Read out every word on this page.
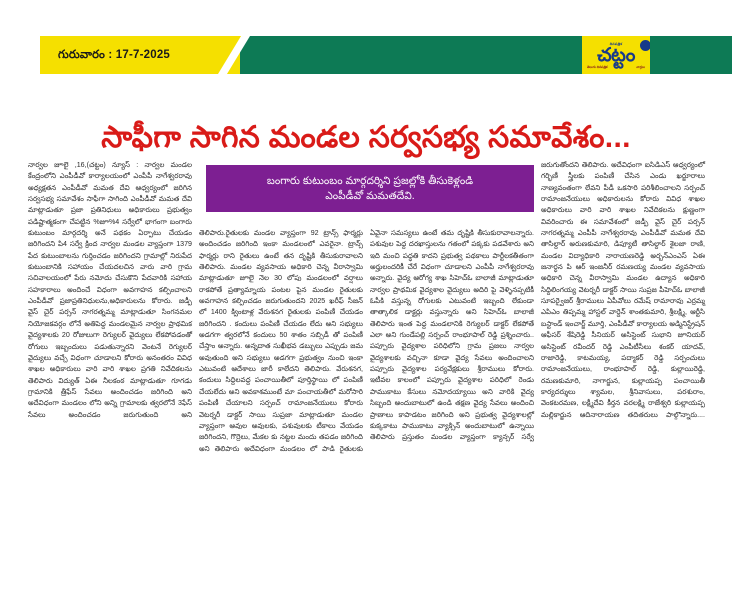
గురువారం : 17-7-2025
దినపత్రిక
చట్టం
తెలుగు దినపత్రిక	వార్తలు
సాఫీగా సాగిన మండల సర్వసభ్య సమావేశం...

నార్వల జూలై ,16,(చట్టం) న్యూస్ : నార్వల మండల కేంద్రంలోని ఎంపీడీవో కార్యాలయంలో ఎంపీపీ నాగేశ్వరరావు అధ్యక్షతన ఎంపీడీవో మమత దేవి ఆధ్వర్యంలో జరిగిన సర్వసభ్య సమావేశం సాఫీగా సాగింది ఎంపీడీవో మమత దేవి మాట్లాడుతూ ప్రజా ప్రతినిధులు అధికారులు ప్రభుత్వం పడిష్టాత్మకంగా చేపట్టిన %జూ%4 సర్వేలో భాగంగా బంగారు కుటుంబం మార్గదర్శి అనే పథకం ఏర్పాటు చేయడం జరిగిందని పి4 సర్వే క్రింద నార్వల మండల వ్యాప్తంగా 1379 పేద కుటుంబాలను గుర్తించడం జరిగిందని గ్రామాల్లో నిరుపేద కుటుంబానికి సహాయం చేయదలచిన వారు వారి గ్రామ సచివాలయంలో పేరు నమోదు చేసుకొని పేదవారికి సహాయ సహకారాలు అందించే విధంగా అవగాహన కల్పించాలని ఎంపీడీవో ప్రజాప్రతినిధులను,అధికారులను కోరారు. జడ్పీ వైస్ చైర్ పర్సన్ నాగరత్నమ్మ మాట్లాడుతూ సింగనమల నియోజకవర్గం లోనే అతిపెద్ద మండలమైన నార్వల ప్రాథమిక వైద్యశాలకు 20 రోజులుగా రెగ్యులర్ వైద్యులు లేకపోవడంతో రోగులు ఇబ్బందులు పడుతున్నారని వెంటనే రెగ్యులర్ వైద్యులు వచ్చే విధంగా చూడాలని కోరారు అనంతరం వివిధ శాఖల అధికారులు వారి వారి శాఖల ప్రగతి నివేదికలను తెలిపారు విద్యుత్ ఏఈ నీలకంఠ మాట్లాడుతూ గూగడు గ్రామానికి త్రీఫేస్ సేవలు అందించడం జరిగింది అని అదేవిధంగా మండలం లోని అన్ని గ్రామాలకు త్వరలోనే 3ఫేస్ సేవలు అందించడం జరుగుతుంది అని

తెలిపారు.రైతులకు మండల వ్యాప్తంగా 92 ట్రాన్స్ ఫార్మర్లు అందించడం జరిగింది ఇంకా మండలంలో ఎవరైనా. ట్రాన్స్ ఫార్మర్లు రాని రైతులు ఉంటే తన దృష్టికి తీసుకురావాలని తెలిపారు. మండల వ్యవసాయ అధికారి చెన్న వీరాస్వామి మాట్లాడుతూ జూలై నెల 30 లోపు మండలంలో వర్షాలు రాకపోతే ప్రత్యామ్నాయ పంటల పైన మండల రైతులకు అవగాహన కల్పించడం జరుగుతుందని 2025 ఖరీఫ్ సీజన్ లో 1400 క్వింటాళ్ల వేరుశనగ రైతులకు పంపిణీ చేయడం జరిగిందని . కందులు పంపిణీ చేయడం లేదు అని సభ్యులు అడగగా త్వరలోనే కందులు 50 శాతం సబ్సిడీ తో పంపిణీ చేస్తాం అన్నారు. అన్నదాత సుఖీభవ డబ్బులు ఎప్పుడు జమ అవుతుంది అని సభ్యులు అడగగా ప్రభుత్వం నుంచి ఇంకా ఎటువంటి ఆదేశాలు జారీ కాలేదని తెలిపారు. వేరుశనగ, కందులు సిద్దిలవద్ద పంచాయితీలో పూర్తిస్థాయి లో పంపిణీ చేయలేదు అని అవకాశముంటే మా పంచాయతీలో మరోసారి పంపిణీ చేయాలని సర్పంచ్ రామాంజనేయులు కోరారు వెటర్నరీ డాక్టర్ సాయి సుప్రజా మాట్లాడుతూ మండల వ్యాప్తంగా ఆవుల అవులకు, పశువులకు టీకాలు వేయడం జరిగిందని, గొర్రెలు, మేకల కు నట్టల మందు తపడం జరిగింది అని తెలిపారు అదేవిధంగా మండలం లో పాడి రైతులకు

ఏవైనా సమస్యలు ఉంటే తమ దృష్టికి తీసుకురావాలన్నారు. పశువుల పెద్ద దరఖాస్తులను గతంలో పక్కకు పడవేశారు అని ఇది మంచి పద్ధతి కాదని ప్రభుత్వ పథకాలు పార్టీలకతీతంగా అర్హులందరికీ చేరే విధంగా చూడాలని ఎంపీపీ నాగేశ్వరరావు అన్నారు. వైద్య ఆరోగ్య శాఖ సిహెచ్ఓ బాలాజీ మాట్లాడుతూ నార్వల ప్రాథమిక వైద్యశాల వైద్యులు అదిరి పై వెళ్ళినప్పటికీ ఓపీకి వస్తున్న రోగులకు ఎటువంటి ఇబ్బంది లేకుండా తాత్కాలిక డాక్టర్లు వస్తున్నారు అని సిహెచ్ఓ బాలాజీ తెలిపారు ఇంత పెద్ద మండలానికి రెగ్యులర్ డాక్టర్ లేకపోతే ఎలా అని గుండేపల్లి సర్పంచ్ రాంభూపాల్ రెడ్డి ప్రశ్నించారు.. పప్పూరు వైద్యశాల పరిధిలోని గ్రామ ప్రజలు నార్వల వైద్యశాలకు వచ్చినా కూడా వైద్య సేవలు అందించాలని పప్పూరు వైద్యశాల పర్యవేక్షకులు శ్రీరాములు కోరారు. ఇటీవల కాలంలో పప్పూరు వైద్యశాల పరిధిలో రెండు పాముకాటు కేసులు నమోదయ్యాయి అని వారికి వైద్య సిబ్బంది అందుబాటులో ఉండి తక్షణ వైద్య సేవలు అందించి ప్రాణాలు కాపాడటం జరిగింది అని ప్రభుత్వ వైద్యశాలల్లో కుక్కకాటు పాముకాటు వ్యాక్సిన్ అందుబాటులో ఉన్నాయి తెలిపారు ప్రస్తుతం మండల వ్యాప్తంగా క్యాన్సర్ సర్వే

జరుగుతోందని తెలిపారు. అదేవిధంగా ఐసిడిఎస్ ఆధ్వర్యంలో గర్భిణీ స్త్రీలకు పంపిణీ చేసిన ఎండు ఖర్జూరాలు నాణ్యవంతంగా లేవని పీడీ ఒకసారి పరిశీలించాలని సర్పంచ్ రామాంజనేయులు అధికారులను కోరారు వివిధ శాఖల అధికారులు వారి వారి శాఖల నివేదికలను క్షుణ్ణంగా వివరించారు ఈ సమావేశంలో జడ్పీ వైస్ చైర్ పర్సన్ నాగరత్నమ్మ ఎంపీపీ నాగేశ్వరరావు ఎంపీడీవో మమత దేవి తాసిల్దార్ అరుణకుమారి, డిప్యూటీ తాసిల్దార్ శైలజా రాణి, మండల విద్యాధికారి నారాయణరెడ్డి అర్బన్ఎంఎస్ ఏఈ జనార్ధన పి ఆర్ ఇంజనీర్ రమణయ్య మండల వ్యవసాయ అధికారి చెన్న వీరాస్వామి మండల ఉద్యాన అధికారి సిద్దిలింగయ్య వెటర్నరీ డాక్టర్ సాయి సుప్రజ పీహెచ్ఓ బాలాజీ సూపర్వైజర్ శ్రీరాములు ఏపీవోలు రమేష్ రామారావు ఎర్రమ్మ ఎపిఎం తిప్పమ్మ హాస్టల్ వార్డెన్ శాంతకుమారి, శ్రీలక్ష్మి, ఆర్టీసి బస్టాండ్ ఇంచార్జ్ మూర్తి, ఎంపీడీవో కార్యాలయ అడ్మినిస్ట్రేషన్ ఆఫీసర్ శేషిరెడ్డి సీనియర్ అసిస్టెంట్ సుభాని జూనియర్ అసిస్టెంట్ రవీందర్ రెడ్డి ఎంపీటీసీలు శంకర్ యాదవ్, రాజారెడ్డి, కాటమయ్య, పద్మాకర్ రెడ్డి సర్పంచులు రామాంజనేయులు, రాంభూపాల్ రెడ్డి, కుల్లాయిరెడ్డి, రమణకుమారి, నాగార్జున, కుల్లాయప్ప పంచాయితీ కార్యదర్శులు శ్యామల, శ్రీనివాసులు, పరశురాం, వెంకటరమణ, లక్ష్మీదేవి కీర్తన వరలక్ష్మి రాజేశ్వరి కుల్లాయప్ప మల్లికార్జున ఆదినారాయణ తదితరులు పాల్గొన్నారు....

బంగారు కుటుంబం మార్గదర్శిని ప్రజల్లోకి తీసుకెళ్లండి
ఎంపీడీవో మమతదేవి.
